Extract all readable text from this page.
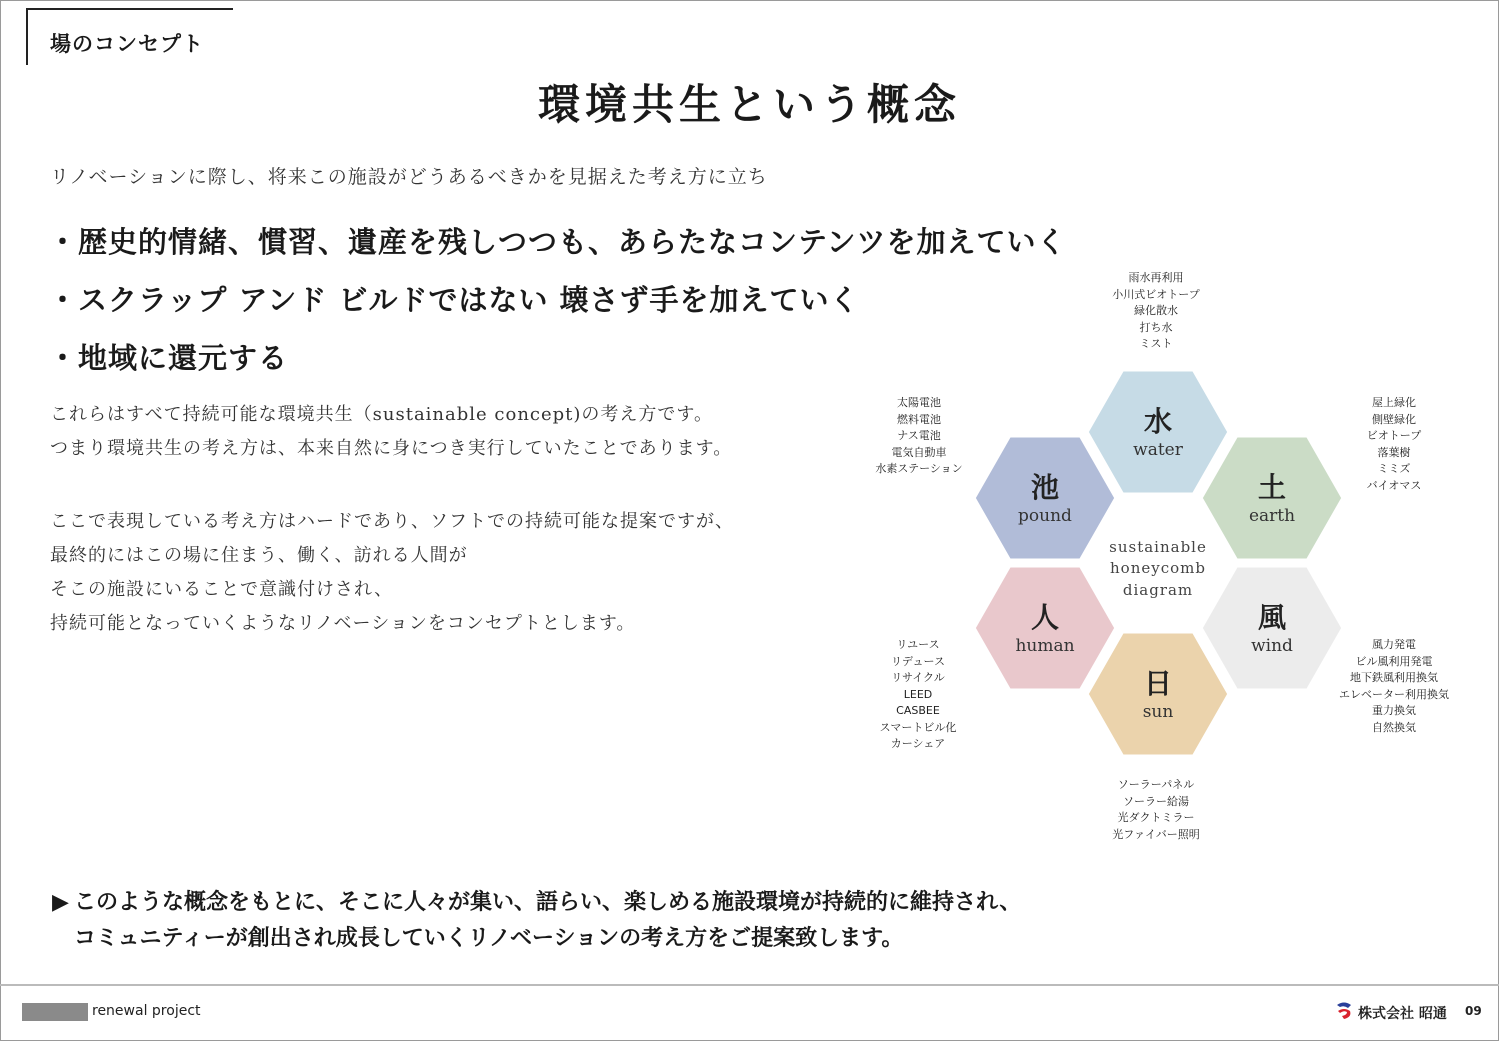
場のコンセプト
環境共生という概念
リノベーションに際し、将来この施設がどうあるべきかを見据えた考え方に立ち
・歴史的情緒、慣習、遺産を残しつつも、あらたなコンテンツを加えていく
・スクラップ アンド ビルドではない 壊さず手を加えていく
・地域に還元する
これらはすべて持続可能な環境共生（sustainable concept)の考え方です。
つまり環境共生の考え方は、本来自然に身につき実行していたことであります。
ここで表現している考え方はハードであり、ソフトでの持続可能な提案ですが、
最終的にはこの場に住まう、働く、訪れる人間が
そこの施設にいることで意識付けされ、
持続可能となっていくようなリノベーションをコンセプトとします。
水
water
土
earth
風
wind
日
sun
人
human
池
pound
sustainable
honeycomb
diagram
雨水再利用
小川式ビオトープ
緑化散水
打ち水
ミスト
屋上緑化
側壁緑化
ビオトープ
落葉樹
ミミズ
バイオマス
風力発電
ビル風利用発電
地下鉄風利用換気
エレベーター利用換気
重力換気
自然換気
ソーラーパネル
ソーラー給湯
光ダクトミラー
光ファイバー照明
リユース
リデュース
リサイクル
LEED
CASBEE
スマートビル化
カーシェア
太陽電池
燃料電池
ナス電池
電気自動車
水素ステーション
▶ このような概念をもとに、そこに人々が集い、語らい、楽しめる施設環境が持続的に維持され、
コミュニティーが創出され成長していくリノベーションの考え方をご提案致します。
renewal project	株式会社 昭通 09
